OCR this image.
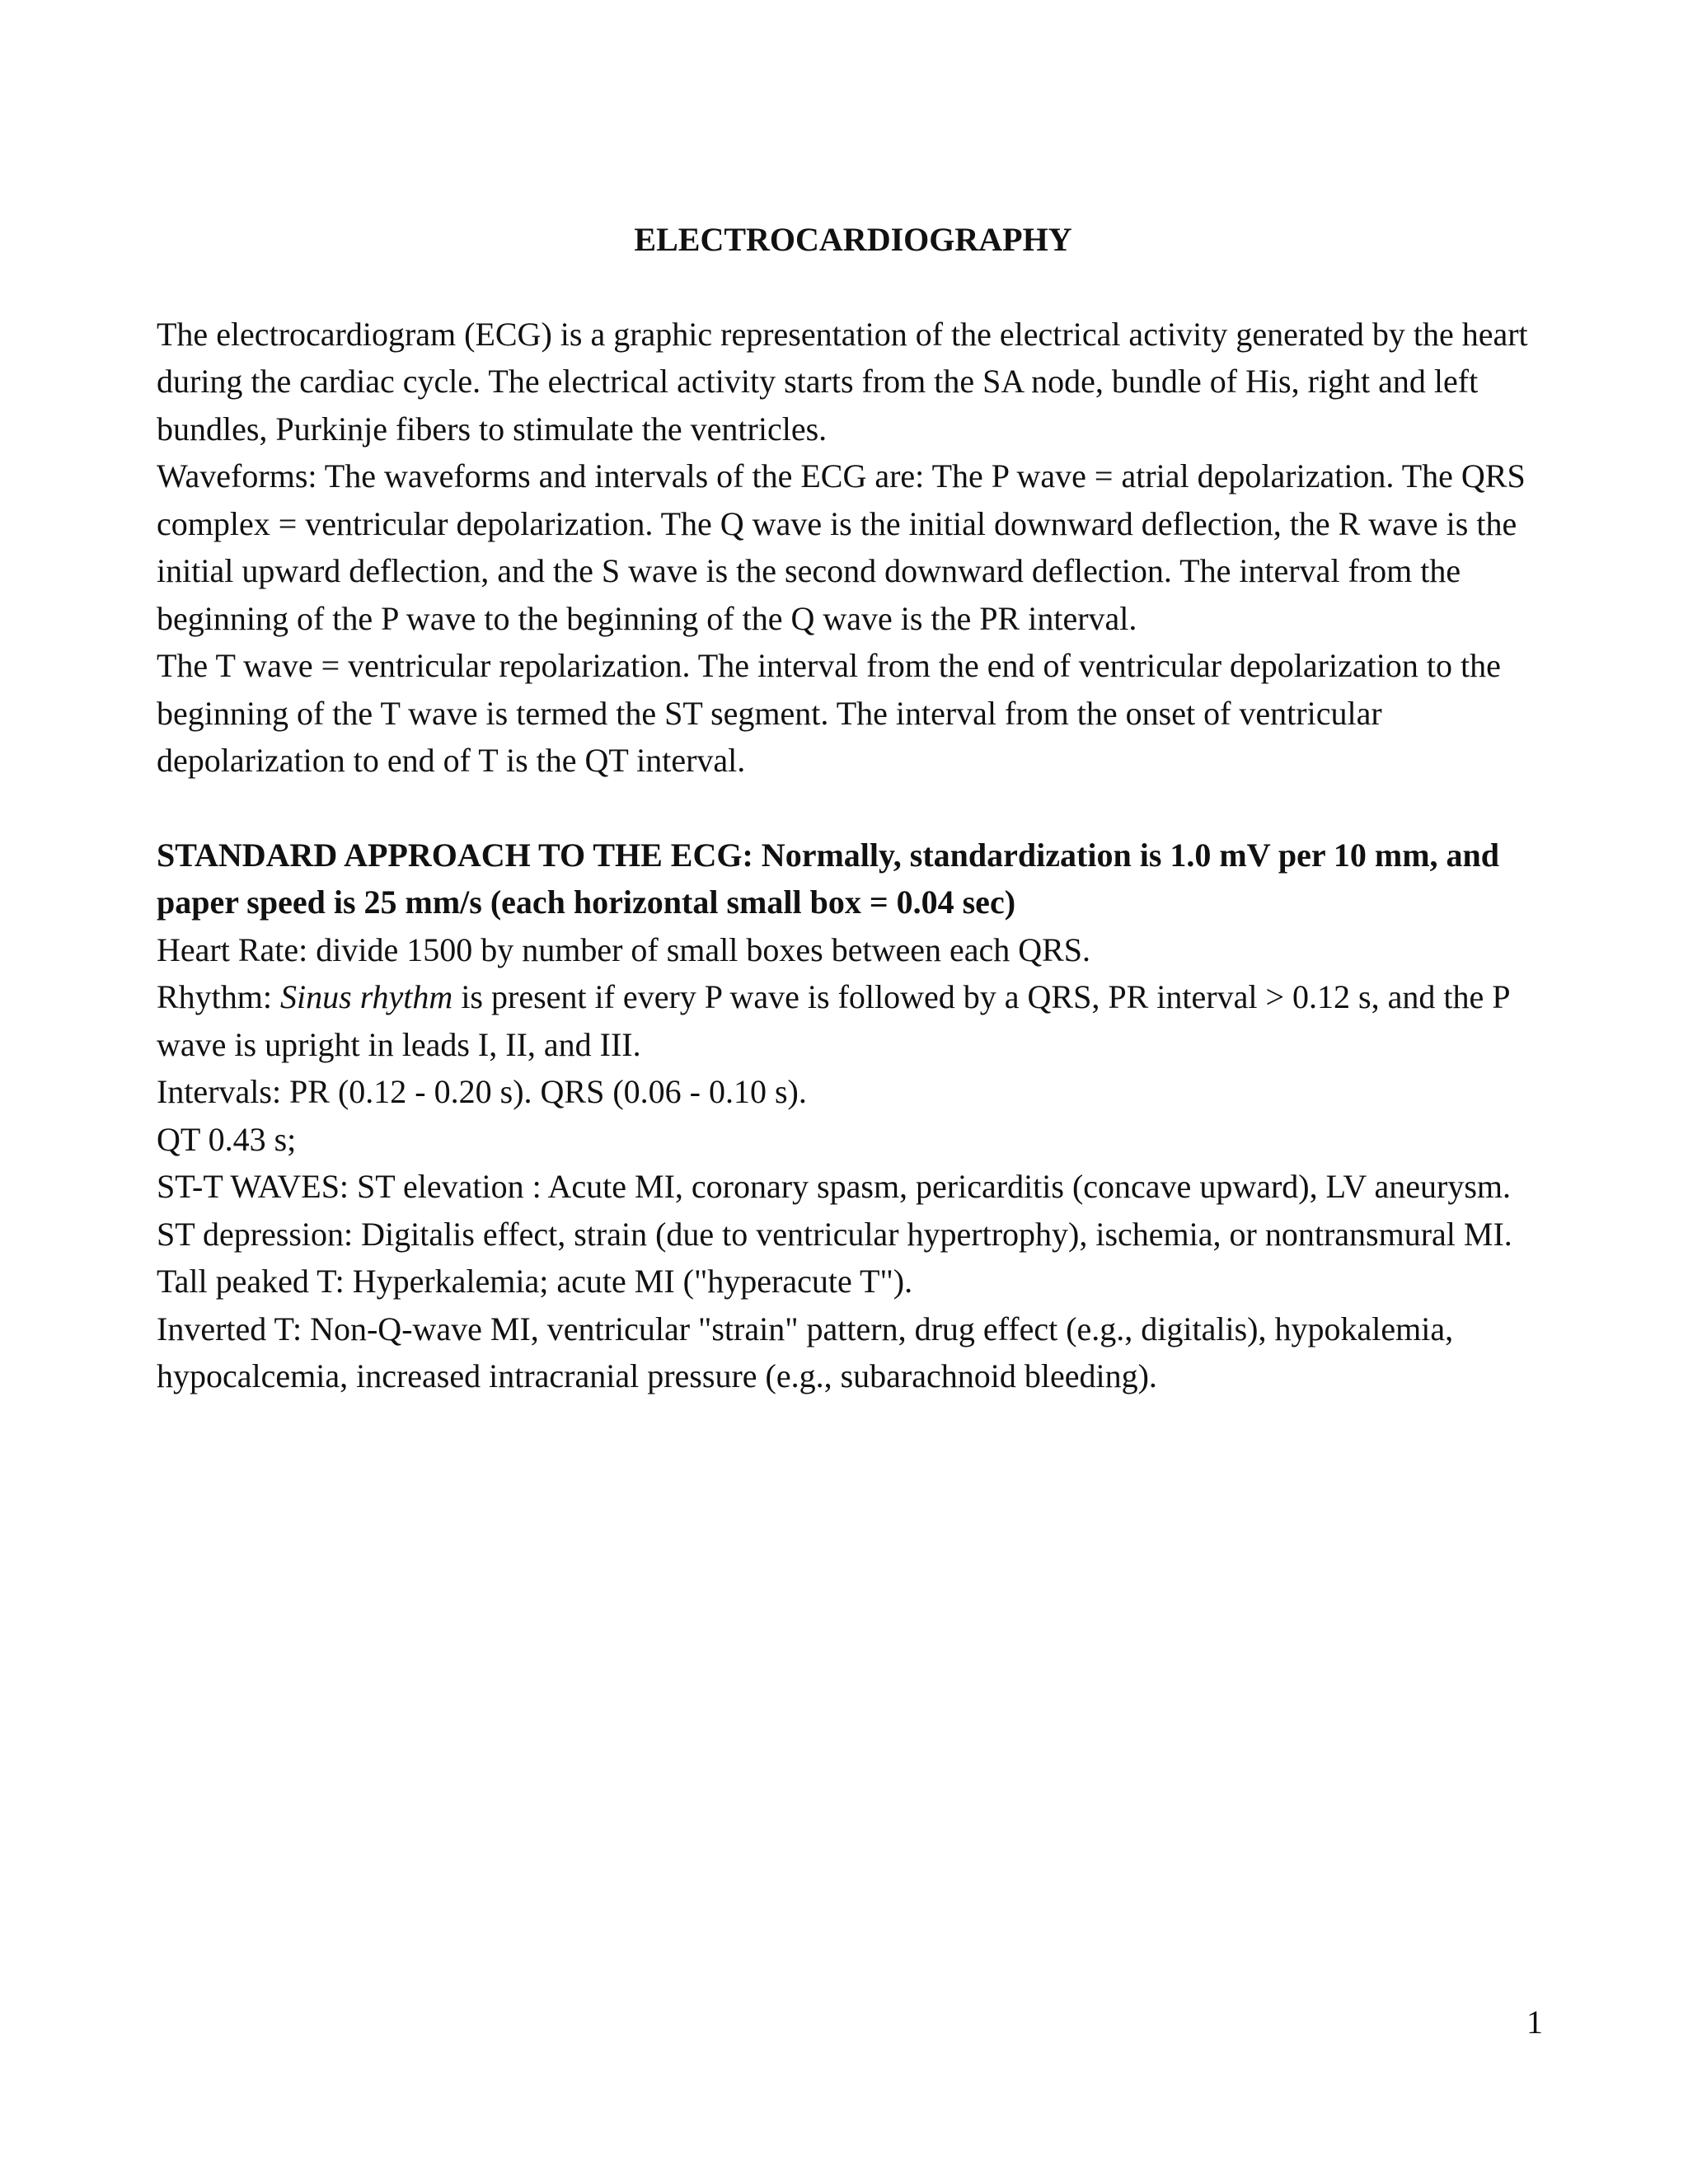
ELECTROCARDIOGRAPHY

The electrocardiogram (ECG) is a graphic representation of the electrical activity generated by the heart during the cardiac cycle. The electrical activity starts from the SA node, bundle of His, right and left bundles, Purkinje fibers to stimulate the ventricles.

Waveforms: The waveforms and intervals of the ECG are: The P wave = atrial depolarization. The QRS complex = ventricular depolarization. The Q wave is the initial downward deflection, the R wave is the initial upward deflection, and the S wave is the second downward deflection. The interval from the beginning of the P wave to the beginning of the Q wave is the PR interval.

The T wave = ventricular repolarization. The interval from the end of ventricular depolarization to the beginning of the T wave is termed the ST segment. The interval from the onset of ventricular depolarization to end of T is the QT interval.

STANDARD APPROACH TO THE ECG: Normally, standardization is 1.0 mV per 10 mm, and paper speed is 25 mm/s (each horizontal small box = 0.04 sec)

Heart Rate: divide 1500 by number of small boxes between each QRS.

Rhythm: Sinus rhythm is present if every P wave is followed by a QRS, PR interval > 0.12 s, and the P wave is upright in leads I, II, and III.

Intervals: PR (0.12 - 0.20 s). QRS (0.06 - 0.10 s).

QT 0.43 s;

ST-T WAVES: ST elevation : Acute MI, coronary spasm, pericarditis (concave upward), LV aneurysm.

ST depression: Digitalis effect, strain (due to ventricular hypertrophy), ischemia, or nontransmural MI.

Tall peaked T: Hyperkalemia; acute MI ("hyperacute T").

Inverted T: Non-Q-wave MI, ventricular "strain" pattern, drug effect (e.g., digitalis), hypokalemia, hypocalcemia, increased intracranial pressure (e.g., subarachnoid bleeding).

1
